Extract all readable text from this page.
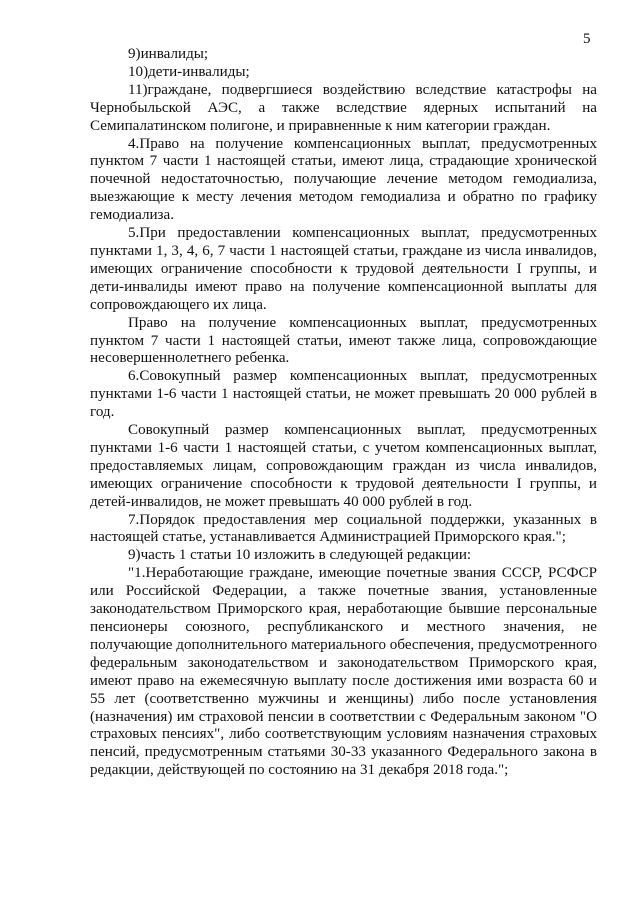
5

9)инвалиды;

10)дети-инвалиды;

11)граждане, подвергшиеся воздействию вследствие катастрофы на Чернобыльской АЭС, а также вследствие ядерных испытаний на Семипалатинском полигоне, и приравненные к ним категории граждан.

4.Право на получение компенсационных выплат, предусмотренных пунктом 7 части 1 настоящей статьи, имеют лица, страдающие хронической почечной недостаточностью, получающие лечение методом гемодиализа, выезжающие к месту лечения методом гемодиализа и обратно по графику гемодиализа.

5.При предоставлении компенсационных выплат, предусмотренных пунктами 1, 3, 4, 6, 7 части 1 настоящей статьи, граждане из числа инвалидов, имеющих ограничение способности к трудовой деятельности I группы, и дети-инвалиды имеют право на получение компенсационной выплаты для сопровождающего их лица.

Право на получение компенсационных выплат, предусмотренных пунктом 7 части 1 настоящей статьи, имеют также лица, сопровождающие несовершеннолетнего ребенка.

6.Совокупный размер компенсационных выплат, предусмотренных пунктами 1-6 части 1 настоящей статьи, не может превышать 20 000 рублей в год.

Совокупный размер компенсационных выплат, предусмотренных пунктами 1-6 части 1 настоящей статьи, с учетом компенсационных выплат, предоставляемых лицам, сопровождающим граждан из числа инвалидов, имеющих ограничение способности к трудовой деятельности I группы, и детей-инвалидов, не может превышать 40 000 рублей в год.

7.Порядок предоставления мер социальной поддержки, указанных в настоящей статье, устанавливается Администрацией Приморского края.";

9)часть 1 статьи 10 изложить в следующей редакции:

"1.Неработающие граждане, имеющие почетные звания СССР, РСФСР или Российской Федерации, а также почетные звания, установленные законодательством Приморского края, неработающие бывшие персональные пенсионеры союзного, республиканского и местного значения, не получающие дополнительного материального обеспечения, предусмотренного федеральным законодательством и законодательством Приморского края, имеют право на ежемесячную выплату после достижения ими возраста 60 и 55 лет (соответственно мужчины и женщины) либо после установления (назначения) им страховой пенсии в соответствии с Федеральным законом "О страховых пенсиях", либо соответствующим условиям назначения страховых пенсий, предусмотренным статьями 30-33 указанного Федерального закона в редакции, действующей по состоянию на 31 декабря 2018 года.";
